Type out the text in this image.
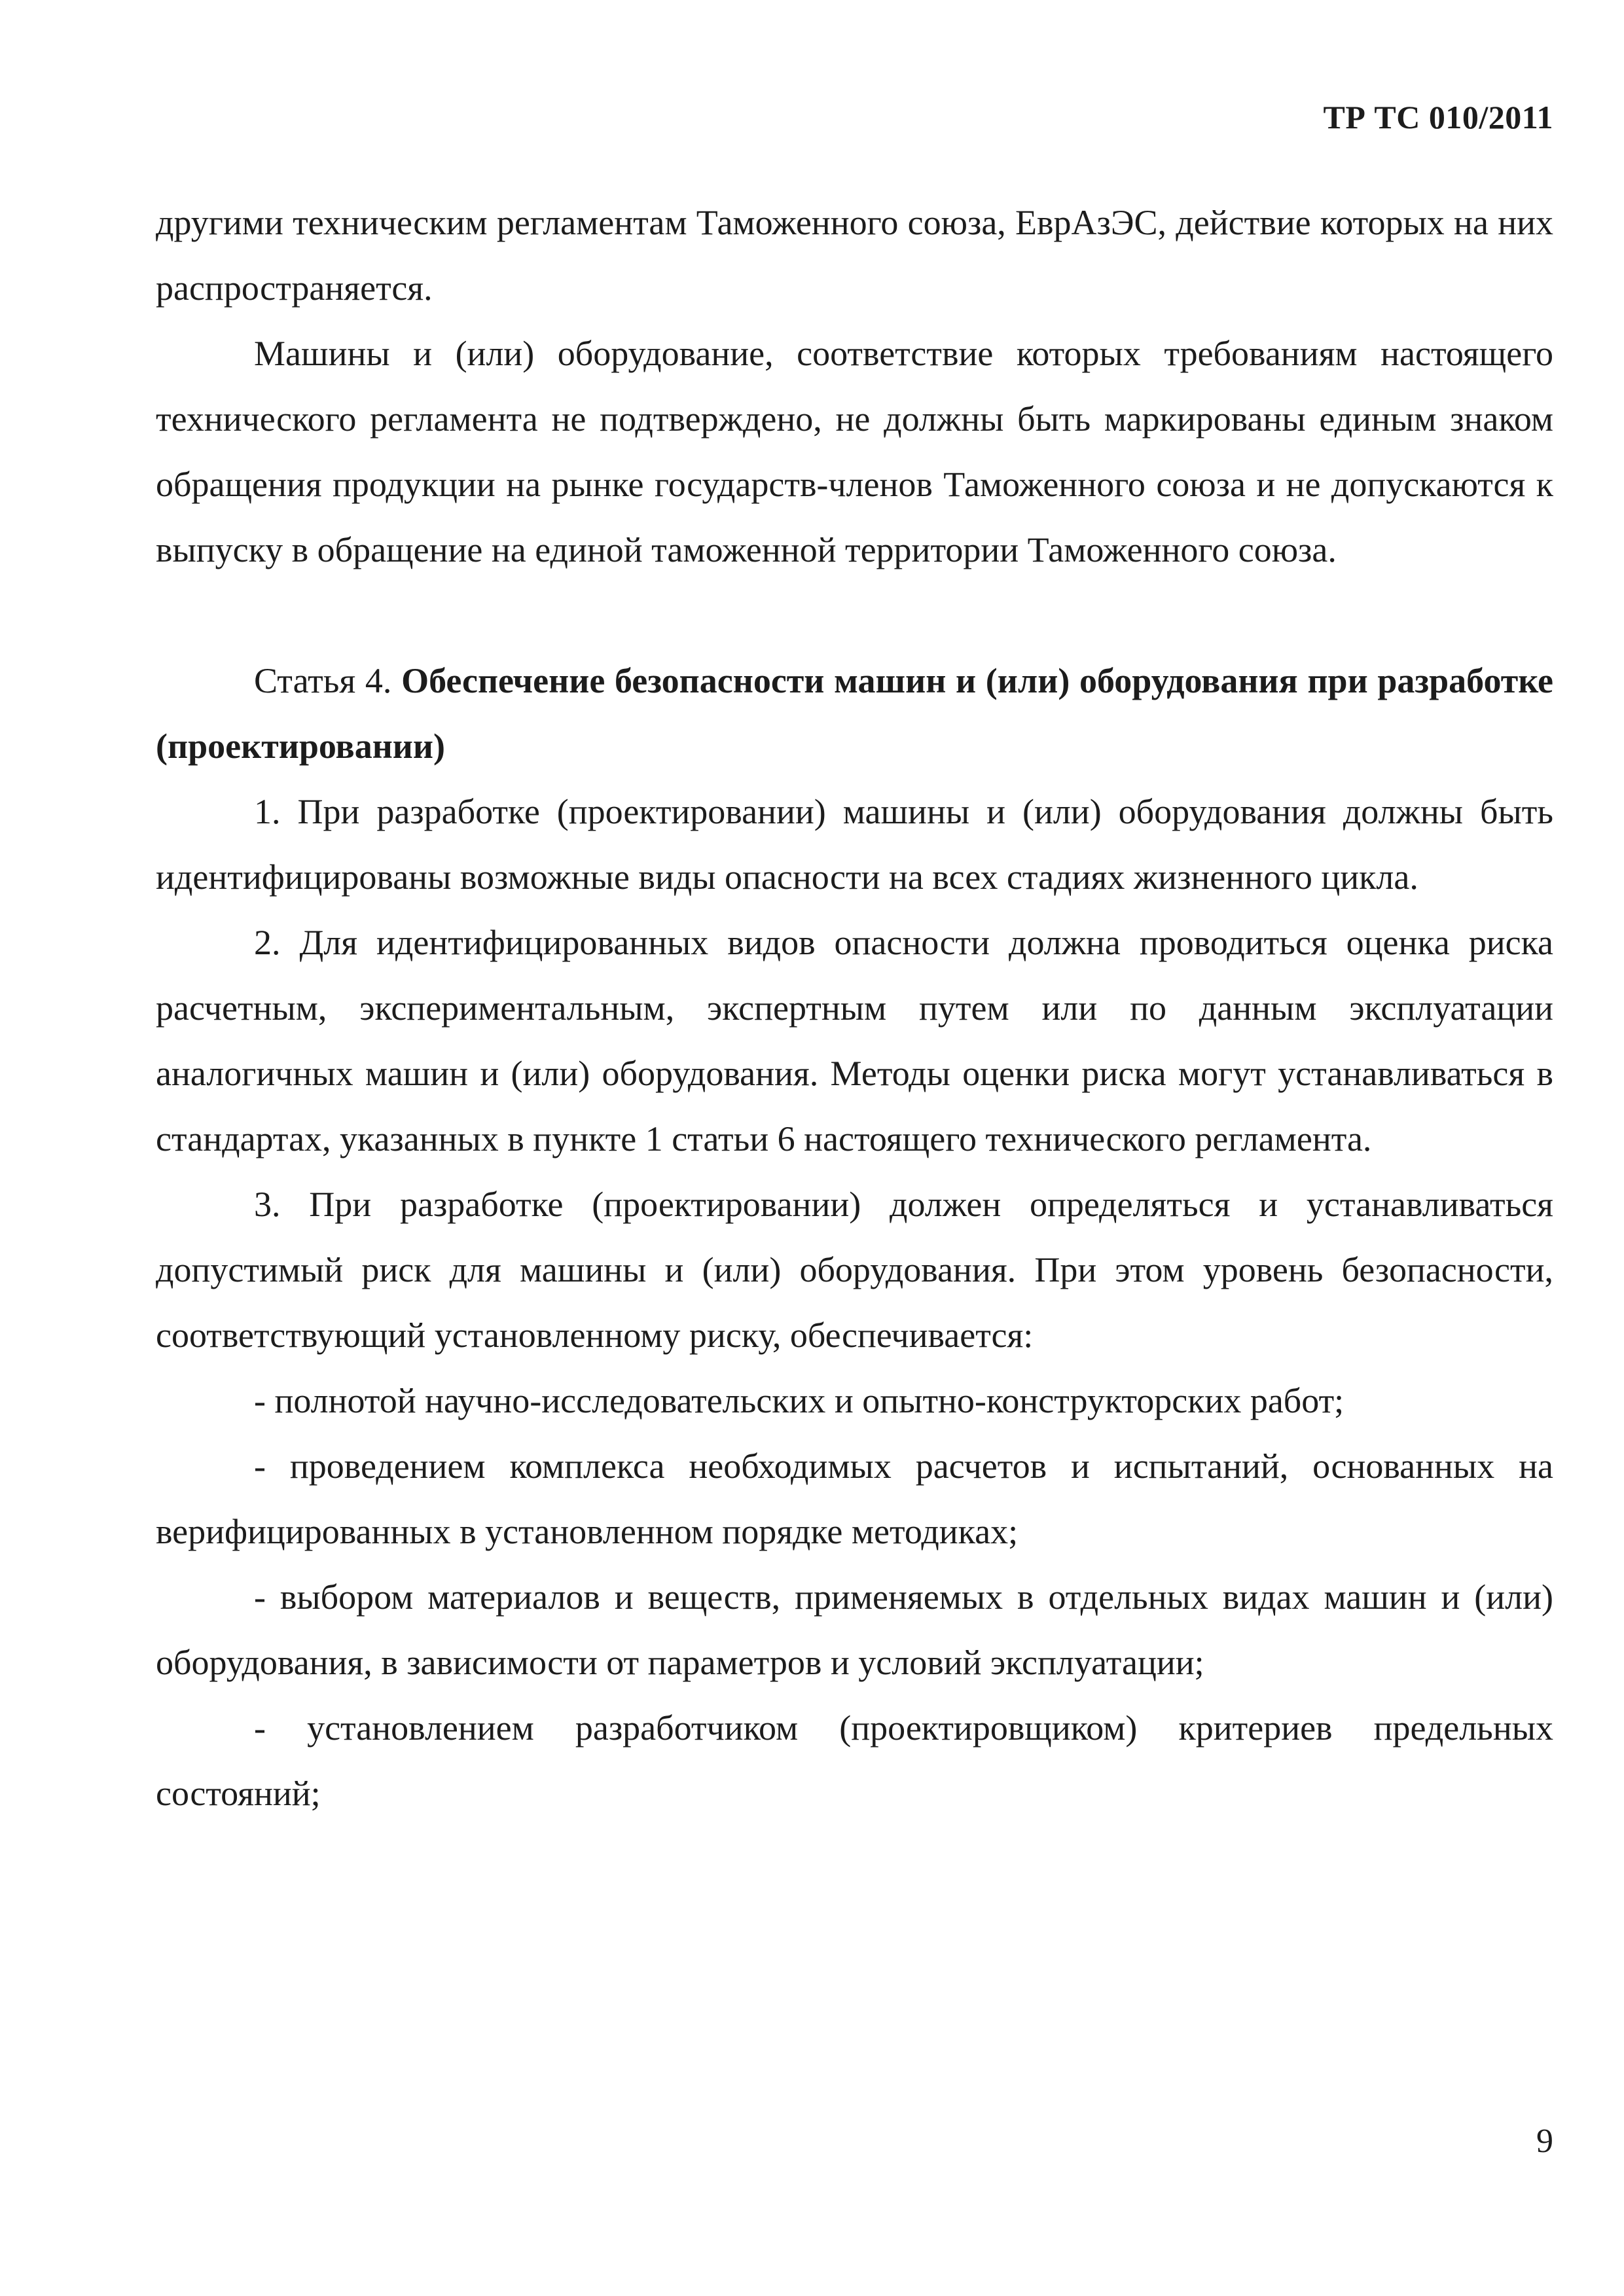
ТР ТС 010/2011

другими техническим регламентам Таможенного союза, ЕврАзЭС, действие которых на них распространяется.

Машины и (или) оборудование, соответствие которых требованиям настоящего технического регламента не подтверждено, не должны быть маркированы единым знаком обращения продукции на рынке государств-членов Таможенного союза и не допускаются к выпуску в обращение на единой таможенной территории Таможенного союза.

Статья 4. Обеспечение безопасности машин и (или) оборудования при разработке (проектировании)

1. При разработке (проектировании) машины и (или) оборудования должны быть идентифицированы возможные виды опасности на всех стадиях жизненного цикла.

2. Для идентифицированных видов опасности должна проводиться оценка риска расчетным, экспериментальным, экспертным путем или по данным эксплуатации аналогичных машин и (или) оборудования. Методы оценки риска могут устанавливаться в стандартах, указанных в пункте 1 статьи 6 настоящего технического регламента.

3. При разработке (проектировании) должен определяться и устанавливаться допустимый риск для машины и (или) оборудования. При этом уровень безопасности, соответствующий установленному риску, обеспечивается:

- полнотой научно-исследовательских и опытно-конструкторских работ;

- проведением комплекса необходимых расчетов и испытаний, основанных на верифицированных в установленном порядке методиках;

- выбором материалов и веществ, применяемых в отдельных видах машин и (или) оборудования, в зависимости от параметров и условий эксплуатации;

- установлением разработчиком (проектировщиком) критериев предельных состояний;

9
